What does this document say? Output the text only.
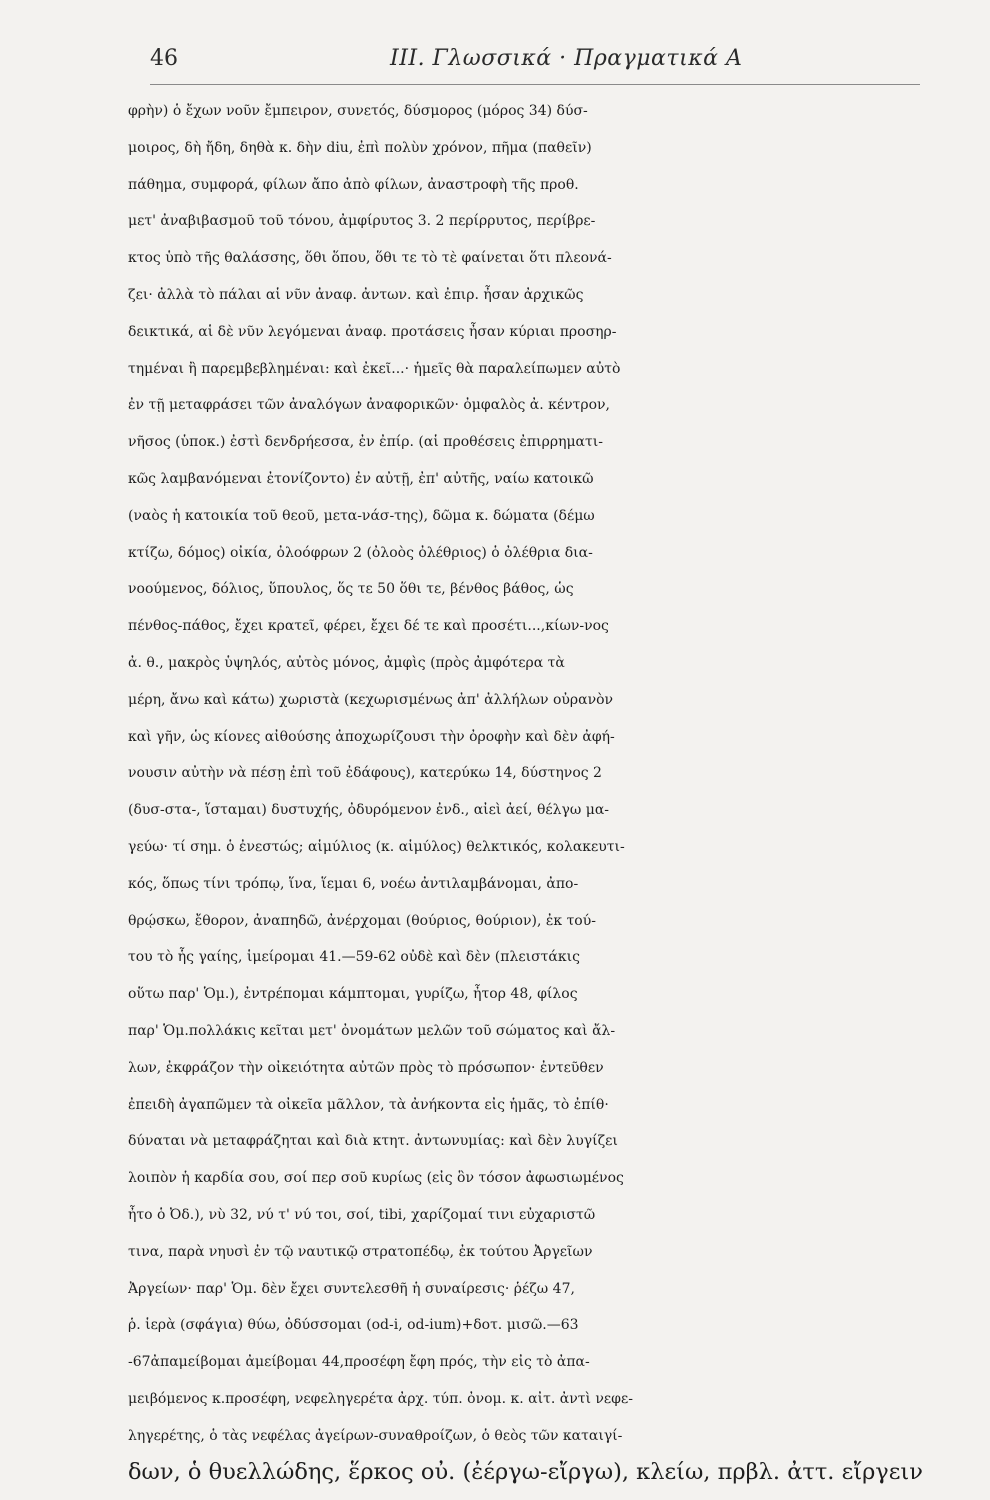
46	ΙΙΙ. Γλωσσικά · Πραγματικά Α
φρὴν) ὁ ἔχων νοῦν ἔμπειρον, συνετός, δύσμορος (μόρος 34) δύσ-
μοιρος, δὴ ἤδη, δηθὰ κ. δὴν diu, ἐπὶ πολὺν χρόνον, πῆμα (παθεῖν)
πάθημα, συμφορά, φίλων ἄπο ἀπὸ φίλων, ἀναστροφὴ τῆς προθ.
μετ' ἀναβιβασμοῦ τοῦ τόνου, ἀμφίρυτος 3. 2 περίρρυτος, περίβρε-
κτος ὑπὸ τῆς θαλάσσης, ὅθι ὅπου, ὅθι τε τὸ τὲ φαίνεται ὅτι πλεονά-
ζει· ἀλλὰ τὸ πάλαι αἱ νῦν ἀναφ. ἀντων. καὶ ἐπιρ. ἦσαν ἀρχικῶς
δεικτικά, αἱ δὲ νῦν λεγόμεναι ἀναφ. προτάσεις ἦσαν κύριαι προσηρ-
τημέναι ἢ παρεμβεβλημέναι: καὶ ἐκεῖ...· ἡμεῖς θὰ παραλείπωμεν αὐτὸ
ἐν τῇ μεταφράσει τῶν ἀναλόγων ἀναφορικῶν· ὀμφαλὸς ἀ. κέντρον,
νῆσος (ὑποκ.) ἐστὶ δενδρήεσσα, ἐν ἐπίρ. (αἱ προθέσεις ἐπιρρηματι-
κῶς λαμβανόμεναι ἐτονίζοντο) ἐν αὐτῇ, ἐπ' αὐτῆς, ναίω κατοικῶ
(ναὸς ἡ κατοικία τοῦ θεοῦ, μετα-νάσ-της), δῶμα κ. δώματα (δέμω
κτίζω, δόμος) οἰκία, ὀλοόφρων 2 (ὀλοὸς ὀλέθριος) ὁ ὀλέθρια δια-
νοούμενος, δόλιος, ὕπουλος, ὅς τε 50 ὅθι τε, βένθος βάθος, ὡς
πένθος-πάθος, ἔχει κρατεῖ, φέρει, ἔχει δέ τε καὶ προσέτι...,κίων-νος
ἀ. θ., μακρὸς ὑψηλός, αὐτὸς μόνος, ἀμφὶς (πρὸς ἀμφότερα τὰ
μέρη, ἄνω καὶ κάτω) χωριστὰ (κεχωρισμένως ἀπ' ἀλλήλων οὐρανὸν
καὶ γῆν, ὡς κίονες αἰθούσης ἀποχωρίζουσι τὴν ὀροφὴν καὶ δὲν ἀφή-
νουσιν αὐτὴν νὰ πέσῃ ἐπὶ τοῦ ἐδάφους), κατερύκω 14, δύστηνος 2
(δυσ-στα-, ἵσταμαι) δυστυχής, ὀδυρόμενον ἐνδ., αἰεὶ ἀεί, θέλγω μα-
γεύω· τί σημ. ὁ ἐνεστώς; αἱμύλιος (κ. αἱμύλος) θελκτικός, κολακευτι-
κός, ὅπως τίνι τρόπῳ, ἵνα, ἵεμαι 6, νοέω ἀντιλαμβάνομαι, ἀπο-
θρῴσκω, ἔθορον, ἀναπηδῶ, ἀνέρχομαι (θούριος, θούριον), ἐκ τού-
του τὸ ἧς γαίης, ἱμείρομαι 41.—59-62 οὐδὲ καὶ δὲν (πλειστάκις
οὕτω παρ' Ὁμ.), ἐντρέπομαι κάμπτομαι, γυρίζω, ἦτορ 48, φίλος
παρ' Ὁμ.πολλάκις κεῖται μετ' ὀνομάτων μελῶν τοῦ σώματος καὶ ἄλ-
λων, ἐκφράζον τὴν οἰκειότητα αὐτῶν πρὸς τὸ πρόσωπον· ἐντεῦθεν
ἐπειδὴ ἀγαπῶμεν τὰ οἰκεῖα μᾶλλον, τὰ ἀνήκοντα εἰς ἡμᾶς, τὸ ἐπίθ·
δύναται νὰ μεταφράζηται καὶ διὰ κτητ. ἀντωνυμίας: καὶ δὲν λυγίζει
λοιπὸν ἡ καρδία σου, σοί περ σοῦ κυρίως (εἰς ὃν τόσον ἀφωσιωμένος
ἦτο ὁ Ὀδ.), νὺ 32, νύ τ' νύ τοι, σοί, tibi, χαρίζομαί τινι εὐχαριστῶ
τινα, παρὰ νηυσὶ ἐν τῷ ναυτικῷ στρατοπέδῳ, ἐκ τούτου Ἀργεῖων
Ἀργείων· παρ' Ὁμ. δὲν ἔχει συντελεσθῆ ἡ συναίρεσις· ῥέζω 47,
ῥ. ἱερὰ (σφάγια) θύω, ὀδύσσομαι (od-i, od-ium)+δοτ. μισῶ.—63
-67ἀπαμείβομαι ἀμείβομαι 44,προσέφη ἔφη πρός, τὴν εἰς τὸ ἀπα-
μειβόμενος κ.προσέφη, νεφεληγερέτα ἀρχ. τύπ. ὀνομ. κ. αἰτ. ἀντὶ νεφε-
ληγερέτης, ὁ τὰς νεφέλας ἀγείρων-συναθροίζων, ὁ θεὸς τῶν καταιγί-
δων, ὁ θυελλώδης, ἕρκος οὐ. (ἐέργω-εἴργω), κλείω, πρβλ. ἀττ. εἴργειν
